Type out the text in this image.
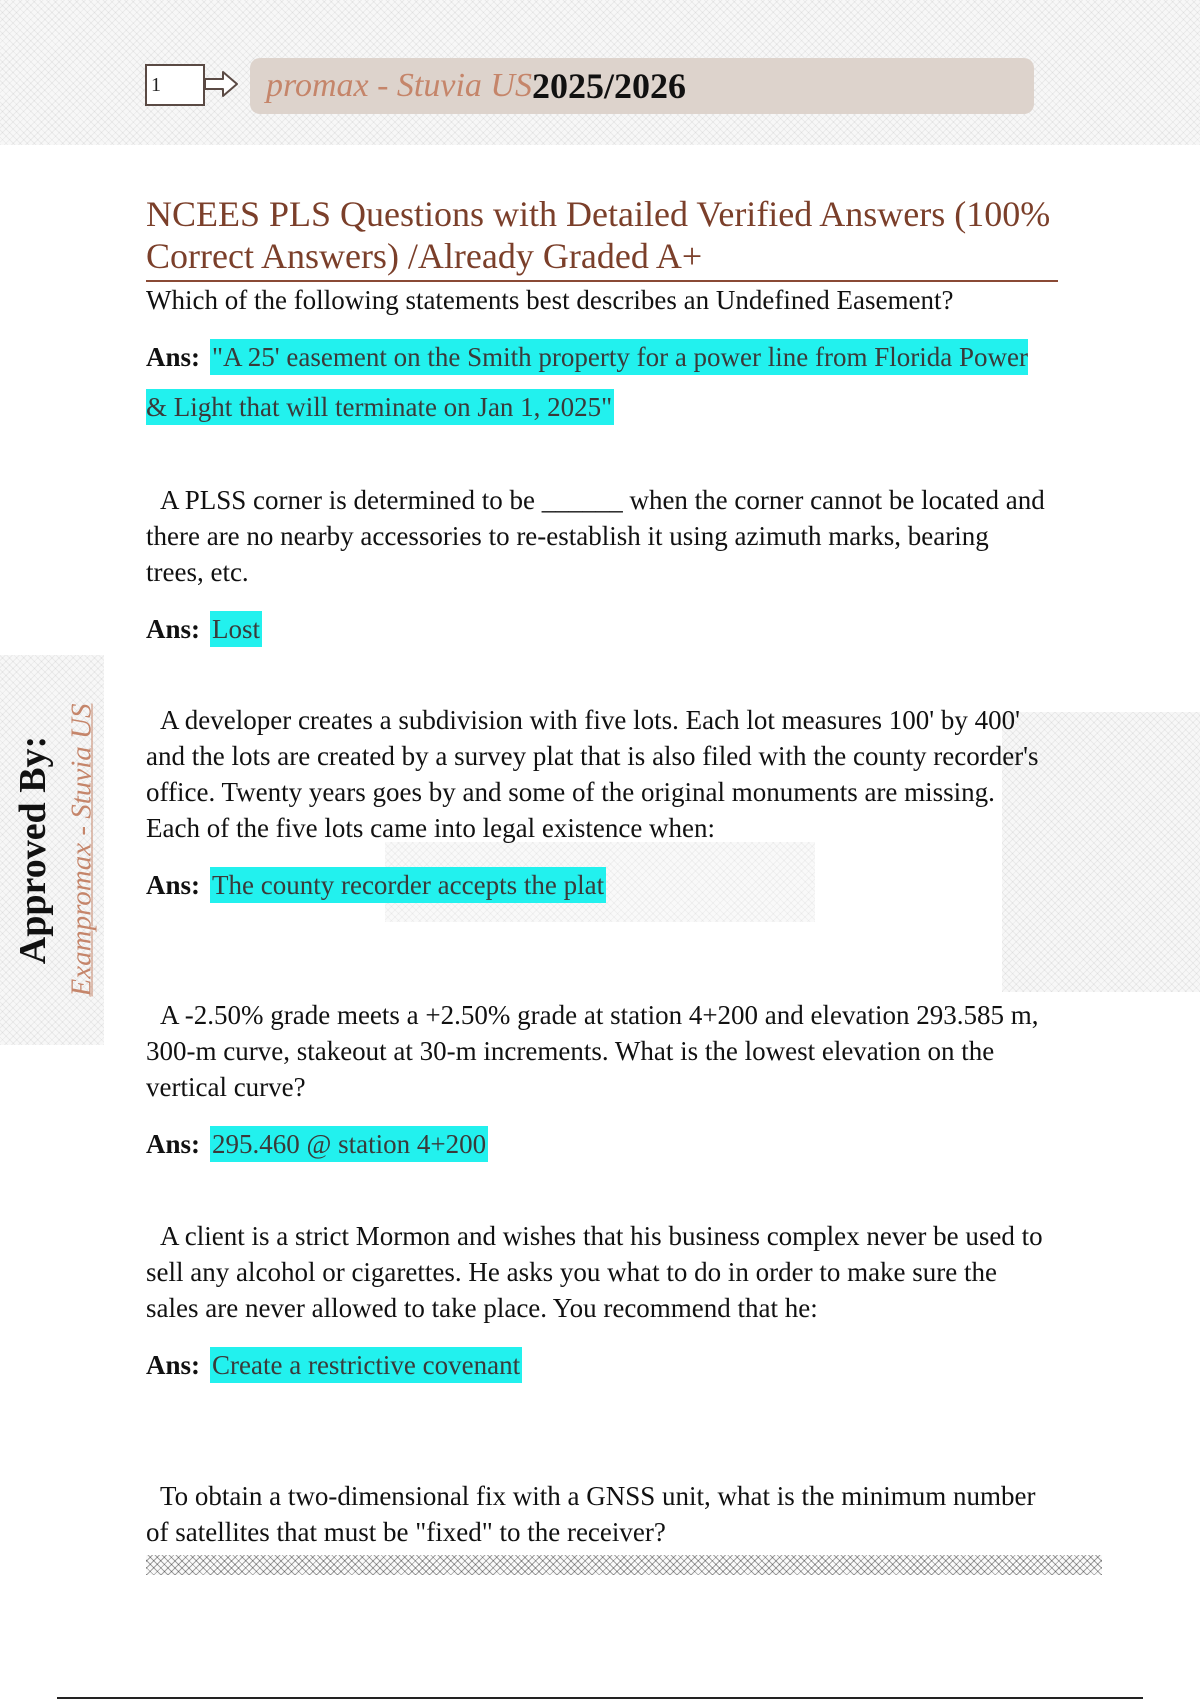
1	promax - Stuvia US 2025/2026
Approved By: Exampromax - Stuvia US
NCEES PLS Questions with Detailed Verified Answers (100% Correct Answers) /Already Graded A+
Which of the following statements best describes an Undefined Easement?
Ans: "A 25' easement on the Smith property for a power line from Florida Power & Light that will terminate on Jan 1, 2025"
A PLSS corner is determined to be ______ when the corner cannot be located and there are no nearby accessories to re-establish it using azimuth marks, bearing trees, etc.
Ans: Lost
A developer creates a subdivision with five lots. Each lot measures 100' by 400' and the lots are created by a survey plat that is also filed with the county recorder's office. Twenty years goes by and some of the original monuments are missing. Each of the five lots came into legal existence when:
Ans: The county recorder accepts the plat
A -2.50% grade meets a +2.50% grade at station 4+200 and elevation 293.585 m, 300-m curve, stakeout at 30-m increments. What is the lowest elevation on the vertical curve?
Ans: 295.460 @ station 4+200
A client is a strict Mormon and wishes that his business complex never be used to sell any alcohol or cigarettes. He asks you what to do in order to make sure the sales are never allowed to take place. You recommend that he:
Ans: Create a restrictive covenant
To obtain a two-dimensional fix with a GNSS unit, what is the minimum number of satellites that must be "fixed" to the receiver?
